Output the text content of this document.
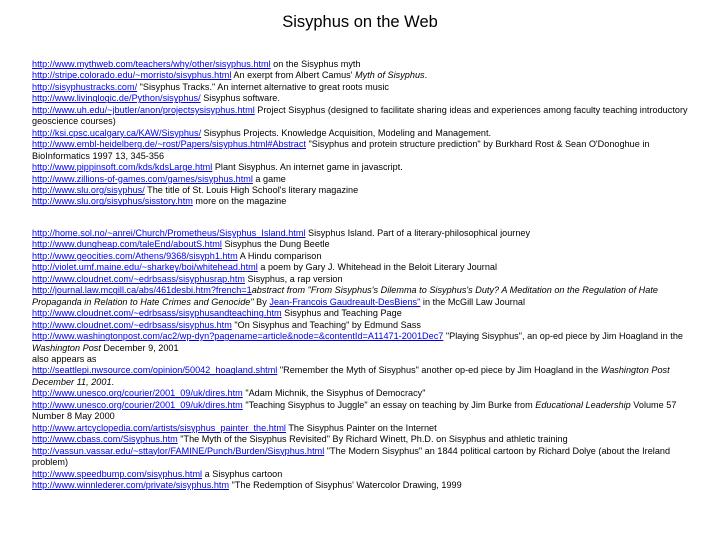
Sisyphus on the Web
http://www.mythweb.com/teachers/why/other/sisyphus.html on the Sisyphus myth
http://stripe.colorado.edu/~morristo/sisyphus.html An exerpt from Albert Camus' Myth of Sisyphus.
http://sisyphustracks.com/ "Sisyphus Tracks." An internet alternative to great roots music
http://www.livinglogic.de/Python/sisyphus/ Sisyphus software.
http://www.uh.edu/~jbutler/anon/projectsysisyphus.html Project Sisyphus (designed to facilitate sharing ideas and experiences among faculty teaching introductory geoscience courses)
http://ksi.cpsc.ucalgary.ca/KAW/Sisyphus/ Sisyphus Projects. Knowledge Acquisition, Modeling and Management.
http://www.embl-heidelberg.de/~rost/Papers/sisyphus.html#Abstract "Sisyphus and protein structure prediction" by Burkhard Rost & Sean O'Donoghue in BioInformatics 1997 13, 345-356
http://www.pippinsoft.com/kds/kdsLarge.html Plant Sisyphus. An internet game in javascript.
http://www.zillions-of-games.com/games/sisyphus.html a game
http://www.slu.org/sisyphus/ The title of St. Louis High School's literary magazine
http://www.slu.org/sisyphus/sisstory.htm more on the magazine
http://home.sol.no/~anrei/Church/Prometheus/Sisyphus_Island.html Sisyphus Island. Part of a literary-philosophical journey
http://www.dungheap.com/taleEnd/aboutS.html Sisyphus the Dung Beetle
http://www.geocities.com/Athens/9368/sisyph1.htm A Hindu comparison
http://violet.umf.maine.edu/~sharkey/boi/whitehead.html a poem by Gary J. Whitehead in the Beloit Literary Journal
http://www.cloudnet.com/~edrbsass/sisyphusrap.htm Sisyphus, a rap version
http://journal.law.mcgill.ca/abs/461desbi.htm?french=1abstract from "From Sisyphus's Dilemma to Sisyphus's Duty? A Meditation on the Regulation of Hate Propaganda in Relation to Hate Crimes and Genocide" By Jean-Francois Gaudreault-DesBiens" in the McGill Law Journal
http://www.cloudnet.com/~edrbsass/sisyphusandteaching.htm Sisyphus and Teaching Page
http://www.cloudnet.com/~edrbsass/sisyphus.htm "On Sisyphus and Teaching" by Edmund Sass
http://www.washingtonpost.com/ac2/wp-dyn?pagename=article&node=&contentId=A11471-2001Dec7 "Playing Sisyphus", an op-ed piece by Jim Hoagland in the Washington Post December 9, 2001
also appears as
http://seattlepi.nwsource.com/opinion/50042_hoagland.shtml "Remember the Myth of Sisyphus" another op-ed piece by Jim Hoagland in the Washington Post December 11, 2001.
http://www.unesco.org/courier/2001_09/uk/dires.htm "Adam Michnik, the Sisyphus of Democracy"
http://www.unesco.org/courier/2001_09/uk/dires.htm "Teaching Sisyphus to Juggle" an essay on teaching by Jim Burke from Educational Leadership Volume 57 Number 8 May 2000
http://www.artcyclopedia.com/artists/sisyphus_painter_the.html The Sisyphus Painter on the Internet
http://www.cbass.com/Sisyphus.htm "The Myth of the Sisyphus Revisited" By Richard Winett, Ph.D. on Sisyphus and athletic training
http://vassun.vassar.edu/~sttaylor/FAMINE/Punch/Burden/Sisyphus.html "The Modern Sisyphus" an 1844 political cartoon by Richard Dolye (about the Ireland problem)
http://www.speedbump.com/sisyphus.html a Sisyphus cartoon
http://www.winnlederer.com/private/sisyphus.htm "The Redemption of Sisyphus' Watercolor Drawing, 1999
